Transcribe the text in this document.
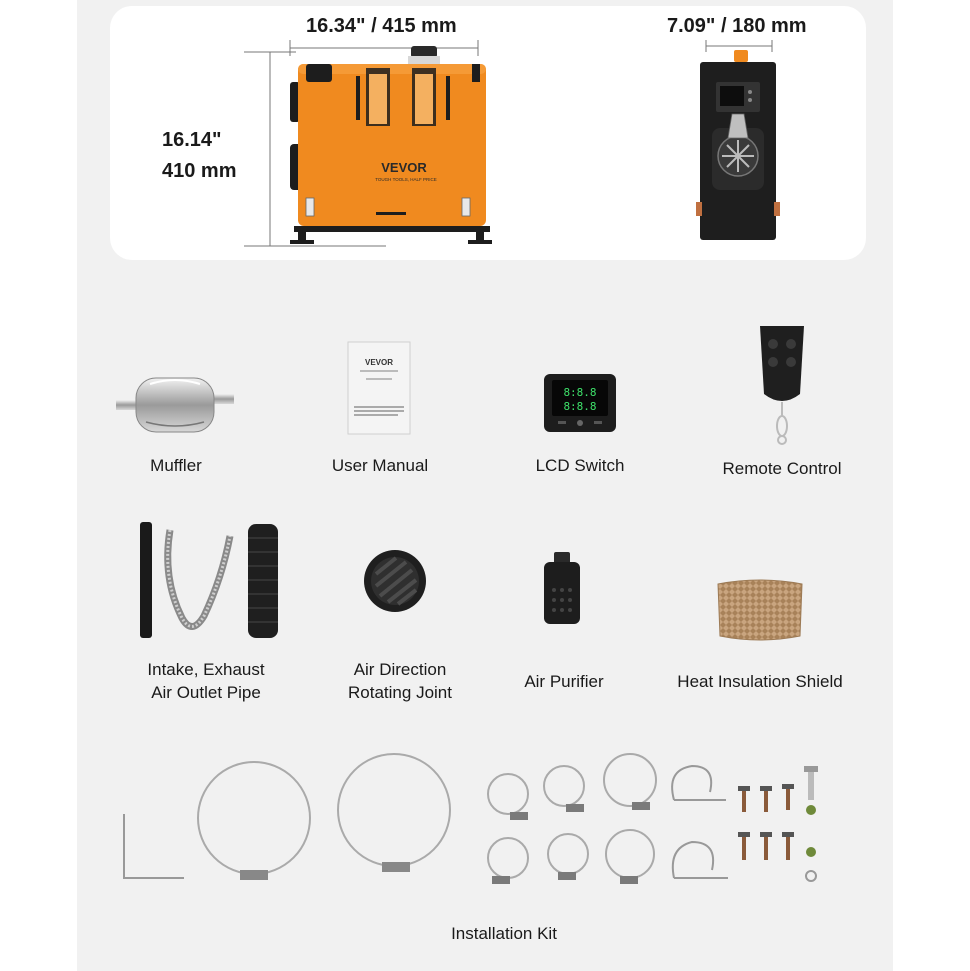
16.34" / 415 mm
16.14"
410 mm
7.09" / 180 mm
VEVOR
TOUGH TOOLS, HALF PRICE
Muffler
VEVOR
User Manual
8:8.8
8:8.8
LCD Switch	Remote Control
Intake, Exhaust
Air Outlet Pipe
Air Direction
Rotating Joint
Air Purifier	Heat Insulation Shield
Installation Kit
